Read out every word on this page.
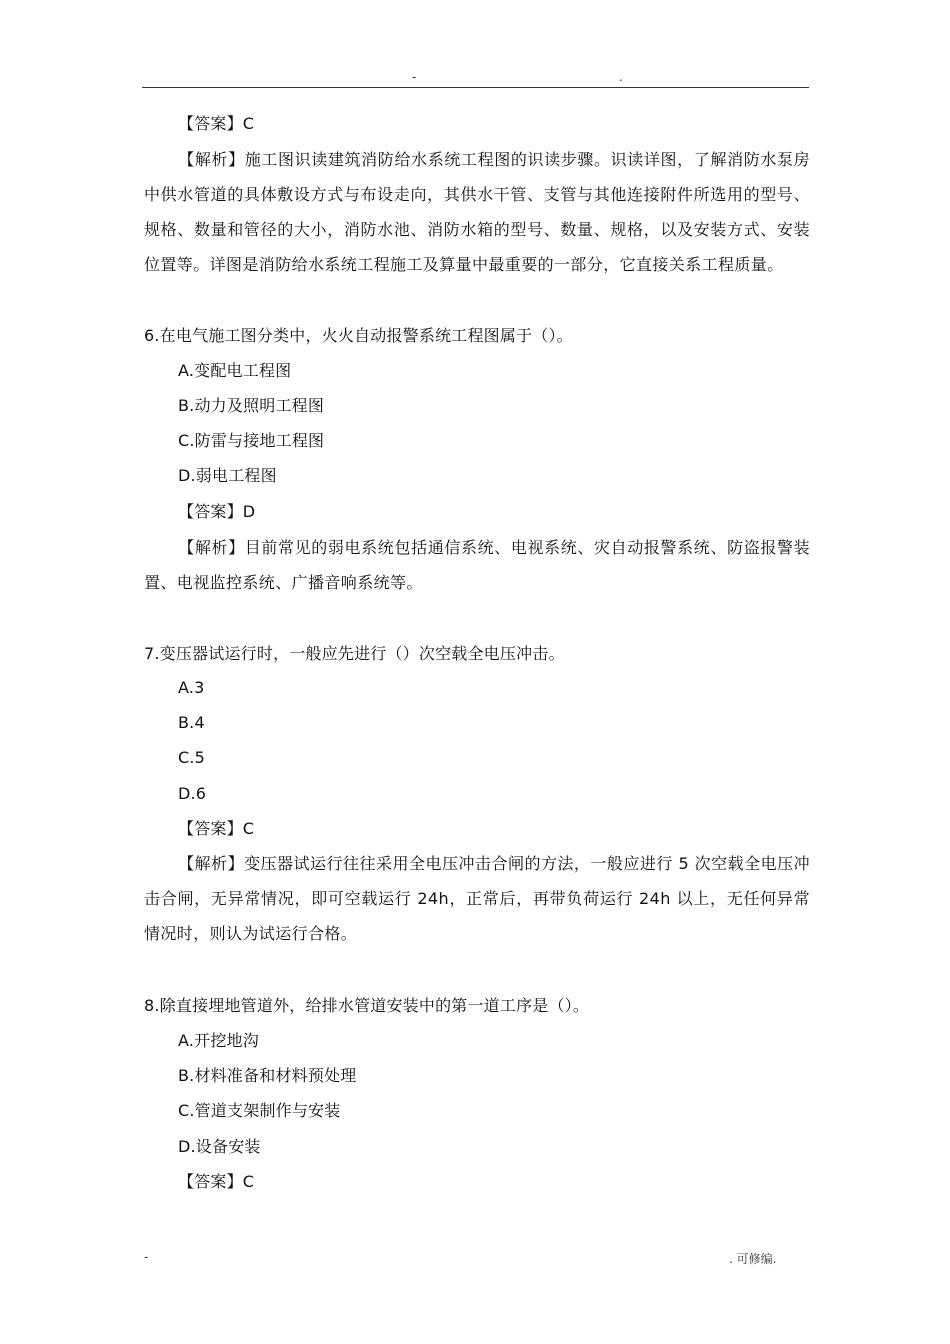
-	.
【答案】C
【解析】施工图识读建筑消防给水系统工程图的识读步骤。识读详图，了解消防水泵房中供水管道的具体敷设方式与布设走向，其供水干管、支管与其他连接附件所选用的型号、规格、数量和管径的大小，消防水池、消防水箱的型号、数量、规格，以及安装方式、安装位置等。详图是消防给水系统工程施工及算量中最重要的一部分，它直接关系工程质量。
6.在电气施工图分类中，火火自动报警系统工程图属于（）。
A.变配电工程图
B.动力及照明工程图
C.防雷与接地工程图
D.弱电工程图
【答案】D
【解析】目前常见的弱电系统包括通信系统、电视系统、灾自动报警系统、防盗报警装置、电视监控系统、广播音响系统等。
7.变压器试运行时，一般应先进行（）次空载全电压冲击。
A.3
B.4
C.5
D.6
【答案】C
【解析】变压器试运行往往采用全电压冲击合闸的方法，一般应进行 5 次空载全电压冲击合闸，无异常情况，即可空载运行 24h，正常后，再带负荷运行 24h 以上，无任何异常情况时，则认为试运行合格。
8.除直接埋地管道外，给排水管道安装中的第一道工序是（）。
A.开挖地沟
B.材料准备和材料预处理
C.管道支架制作与安装
D.设备安装
【答案】C
-	. 可修编.
